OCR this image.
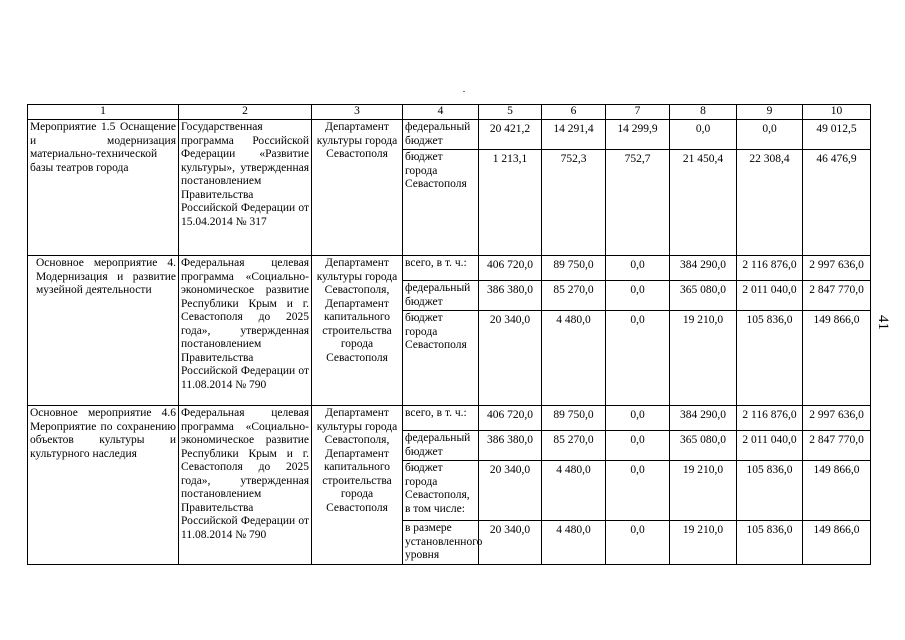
1	2	3	4	5	6	7	8	9	10
Мероприятие 1.5 Оснащение и модернизация материально-технической базы театров города	Государственная программа Российской Федерации «Развитие культуры», утвержденная постановлением Правительства Российской Федерации от 15.04.2014 № 317	Департамент культуры города Севастополя	федеральный бюджет	20 421,2	14 291,4	14 299,9	0,0	0,0	49 012,5
			бюджет города Севастополя	1 213,1	752,3	752,7	21 450,4	22 308,4	46 476,9
Основное мероприятие 4. Модернизация и развитие музейной деятельности	Федеральная целевая программа «Социально-экономическое развитие Республики Крым и г. Севастополя до 2025 года», утвержденная постановлением Правительства Российской Федерации от 11.08.2014 № 790	Департамент культуры города Севастополя, Департамент капитального строительства города Севастополя	всего, в т. ч.:	406 720,0	89 750,0	0,0	384 290,0	2 116 876,0	2 997 636,0
			федеральный бюджет	386 380,0	85 270,0	0,0	365 080,0	2 011 040,0	2 847 770,0
			бюджет города Севастополя	20 340,0	4 480,0	0,0	19 210,0	105 836,0	149 866,0
Основное мероприятие 4.6 Мероприятие по сохранению объектов культуры и культурного наследия	Федеральная целевая программа «Социально-экономическое развитие Республики Крым и г. Севастополя до 2025 года», утвержденная постановлением Правительства Российской Федерации от 11.08.2014 № 790	Департамент культуры города Севастополя, Департамент капитального строительства города Севастополя	всего, в т. ч.:	406 720,0	89 750,0	0,0	384 290,0	2 116 876,0	2 997 636,0
			федеральный бюджет	386 380,0	85 270,0	0,0	365 080,0	2 011 040,0	2 847 770,0
			бюджет города Севастополя, в том числе:	20 340,0	4 480,0	0,0	19 210,0	105 836,0	149 866,0
			в размере установленного уровня	20 340,0	4 480,0	0,0	19 210,0	105 836,0	149 866,0
41
